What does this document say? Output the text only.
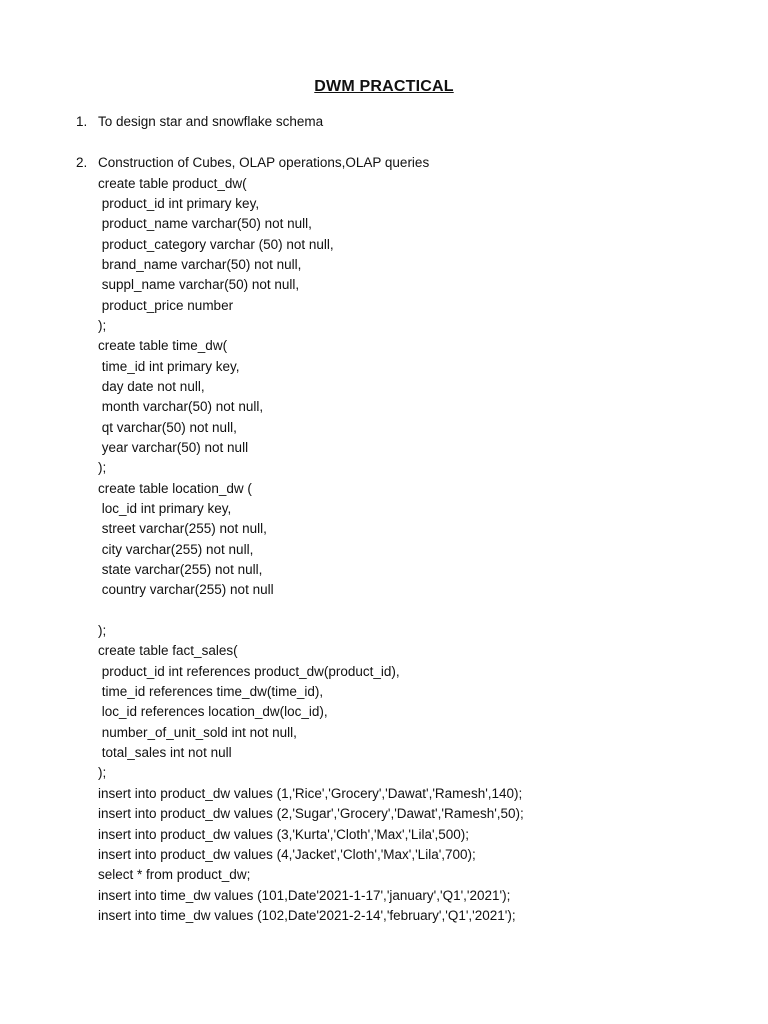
DWM PRACTICAL
1. To design star and snowflake schema
2. Construction of Cubes, OLAP operations,OLAP queries
create table product_dw(
product_id int primary key,
product_name varchar(50) not null,
product_category varchar (50) not null,
brand_name varchar(50) not null,
suppl_name varchar(50) not null,
product_price number
);
create table time_dw(
time_id int primary key,
day date not null,
month varchar(50) not null,
qt varchar(50) not null,
year varchar(50) not null
);
create table location_dw (
loc_id int primary key,
street varchar(255) not null,
city varchar(255) not null,
state varchar(255) not null,
country varchar(255) not null
);
create table fact_sales(
product_id int references product_dw(product_id),
time_id references time_dw(time_id),
loc_id references location_dw(loc_id),
number_of_unit_sold int not null,
total_sales int not null
);
insert into product_dw values (1,'Rice','Grocery','Dawat','Ramesh',140);
insert into product_dw values (2,'Sugar','Grocery','Dawat','Ramesh',50);
insert into product_dw values (3,'Kurta','Cloth','Max','Lila',500);
insert into product_dw values (4,'Jacket','Cloth','Max','Lila',700);
select * from product_dw;
insert into time_dw values (101,Date'2021-1-17','january','Q1','2021');
insert into time_dw values (102,Date'2021-2-14','february','Q1','2021');
